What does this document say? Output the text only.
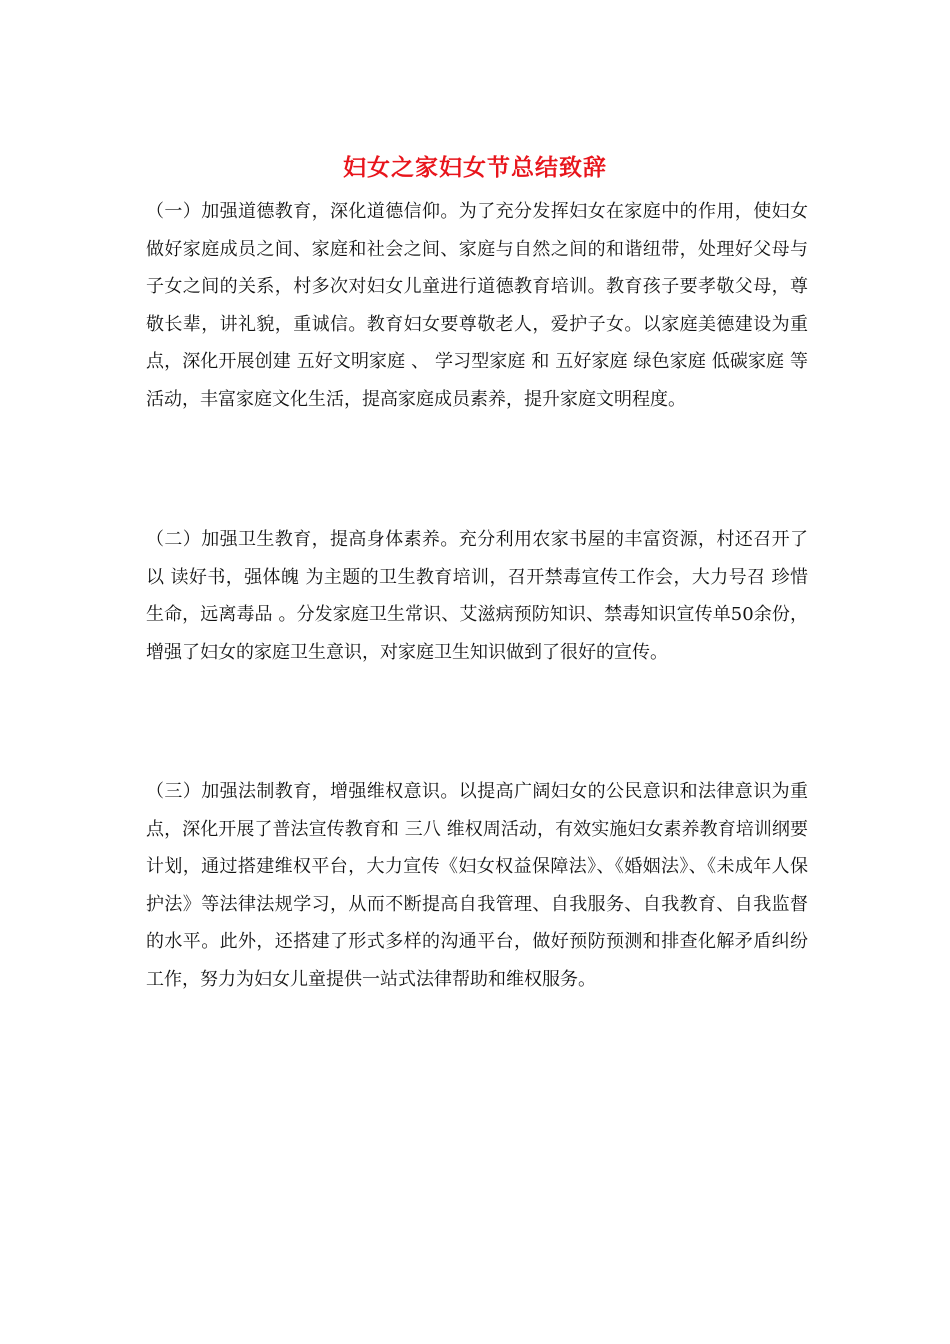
妇女之家妇女节总结致辞

（一）加强道德教育，深化道德信仰。为了充分发挥妇女在家庭中的作用，使妇女做好家庭成员之间、家庭和社会之间、家庭与自然之间的和谐纽带，处理好父母与子女之间的关系，村多次对妇女儿童进行道德教育培训。教育孩子要孝敬父母，尊敬长辈，讲礼貌，重诚信。教育妇女要尊敬老人，爱护子女。以家庭美德建设为重点，深化开展创建 五好文明家庭 、 学习型家庭 和 五好家庭 绿色家庭 低碳家庭 等活动，丰富家庭文化生活，提高家庭成员素养，提升家庭文明程度。

（二）加强卫生教育，提高身体素养。充分利用农家书屋的丰富资源，村还召开了以 读好书，强体魄 为主题的卫生教育培训，召开禁毒宣传工作会，大力号召 珍惜生命，远离毒品 。分发家庭卫生常识、艾滋病预防知识、禁毒知识宣传单50余份，增强了妇女的家庭卫生意识，对家庭卫生知识做到了很好的宣传。

（三）加强法制教育，增强维权意识。以提高广阔妇女的公民意识和法律意识为重点，深化开展了普法宣传教育和 三八 维权周活动，有效实施妇女素养教育培训纲要计划，通过搭建维权平台，大力宣传《妇女权益保障法》、《婚姻法》、《未成年人保护法》等法律法规学习，从而不断提高自我管理、自我服务、自我教育、自我监督的水平。此外，还搭建了形式多样的沟通平台，做好预防预测和排查化解矛盾纠纷工作，努力为妇女儿童提供一站式法律帮助和维权服务。
